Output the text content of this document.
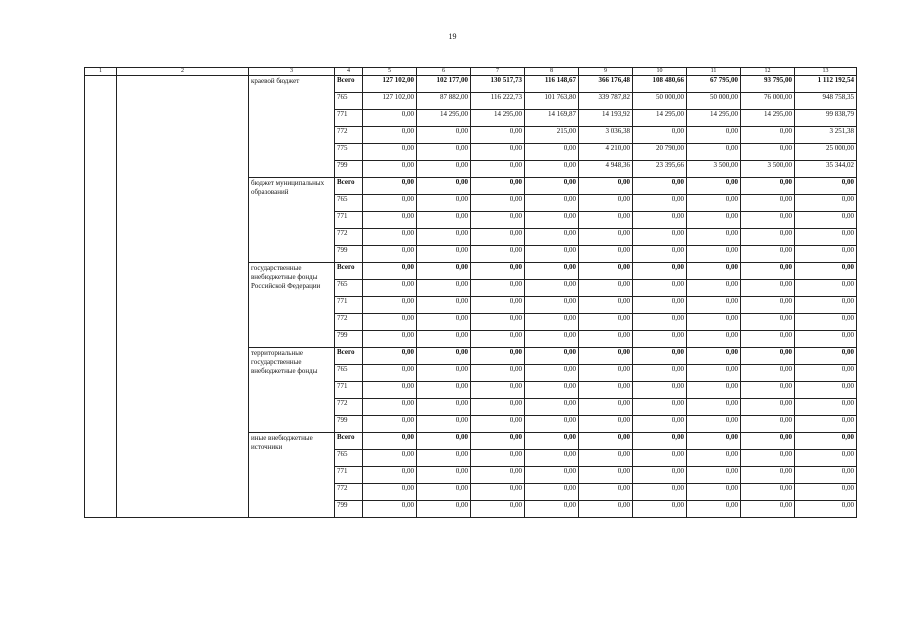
19
1	2	3	4	5	6	7	8	9	10	11	12	13
		краевой бюджет	Всего	127 102,00	102 177,00	130 517,73	116 148,67	366 176,48	108 480,66	67 795,00	93 795,00	1 112 192,54
			765	127 102,00	87 882,00	116 222,73	101 763,80	339 787,82	50 000,00	50 000,00	76 000,00	948 758,35
			771	0,00	14 295,00	14 295,00	14 169,87	14 193,92	14 295,00	14 295,00	14 295,00	99 838,79
			772	0,00	0,00	0,00	215,00	3 036,38	0,00	0,00	0,00	3 251,38
			775	0,00	0,00	0,00	0,00	4 210,00	20 790,00	0,00	0,00	25 000,00
			799	0,00	0,00	0,00	0,00	4 948,36	23 395,66	3 500,00	3 500,00	35 344,02
		бюджет муниципальных образований	Всего	0,00	0,00	0,00	0,00	0,00	0,00	0,00	0,00	0,00
			765	0,00	0,00	0,00	0,00	0,00	0,00	0,00	0,00	0,00
			771	0,00	0,00	0,00	0,00	0,00	0,00	0,00	0,00	0,00
			772	0,00	0,00	0,00	0,00	0,00	0,00	0,00	0,00	0,00
			799	0,00	0,00	0,00	0,00	0,00	0,00	0,00	0,00	0,00
		государственные внебюджетные фонды Российской Федерации	Всего	0,00	0,00	0,00	0,00	0,00	0,00	0,00	0,00	0,00
			765	0,00	0,00	0,00	0,00	0,00	0,00	0,00	0,00	0,00
			771	0,00	0,00	0,00	0,00	0,00	0,00	0,00	0,00	0,00
			772	0,00	0,00	0,00	0,00	0,00	0,00	0,00	0,00	0,00
			799	0,00	0,00	0,00	0,00	0,00	0,00	0,00	0,00	0,00
		территориальные государственные внебюджетные фонды	Всего	0,00	0,00	0,00	0,00	0,00	0,00	0,00	0,00	0,00
			765	0,00	0,00	0,00	0,00	0,00	0,00	0,00	0,00	0,00
			771	0,00	0,00	0,00	0,00	0,00	0,00	0,00	0,00	0,00
			772	0,00	0,00	0,00	0,00	0,00	0,00	0,00	0,00	0,00
			799	0,00	0,00	0,00	0,00	0,00	0,00	0,00	0,00	0,00
		иные внебюджетные источники	Всего	0,00	0,00	0,00	0,00	0,00	0,00	0,00	0,00	0,00
			765	0,00	0,00	0,00	0,00	0,00	0,00	0,00	0,00	0,00
			771	0,00	0,00	0,00	0,00	0,00	0,00	0,00	0,00	0,00
			772	0,00	0,00	0,00	0,00	0,00	0,00	0,00	0,00	0,00
			799	0,00	0,00	0,00	0,00	0,00	0,00	0,00	0,00	0,00
